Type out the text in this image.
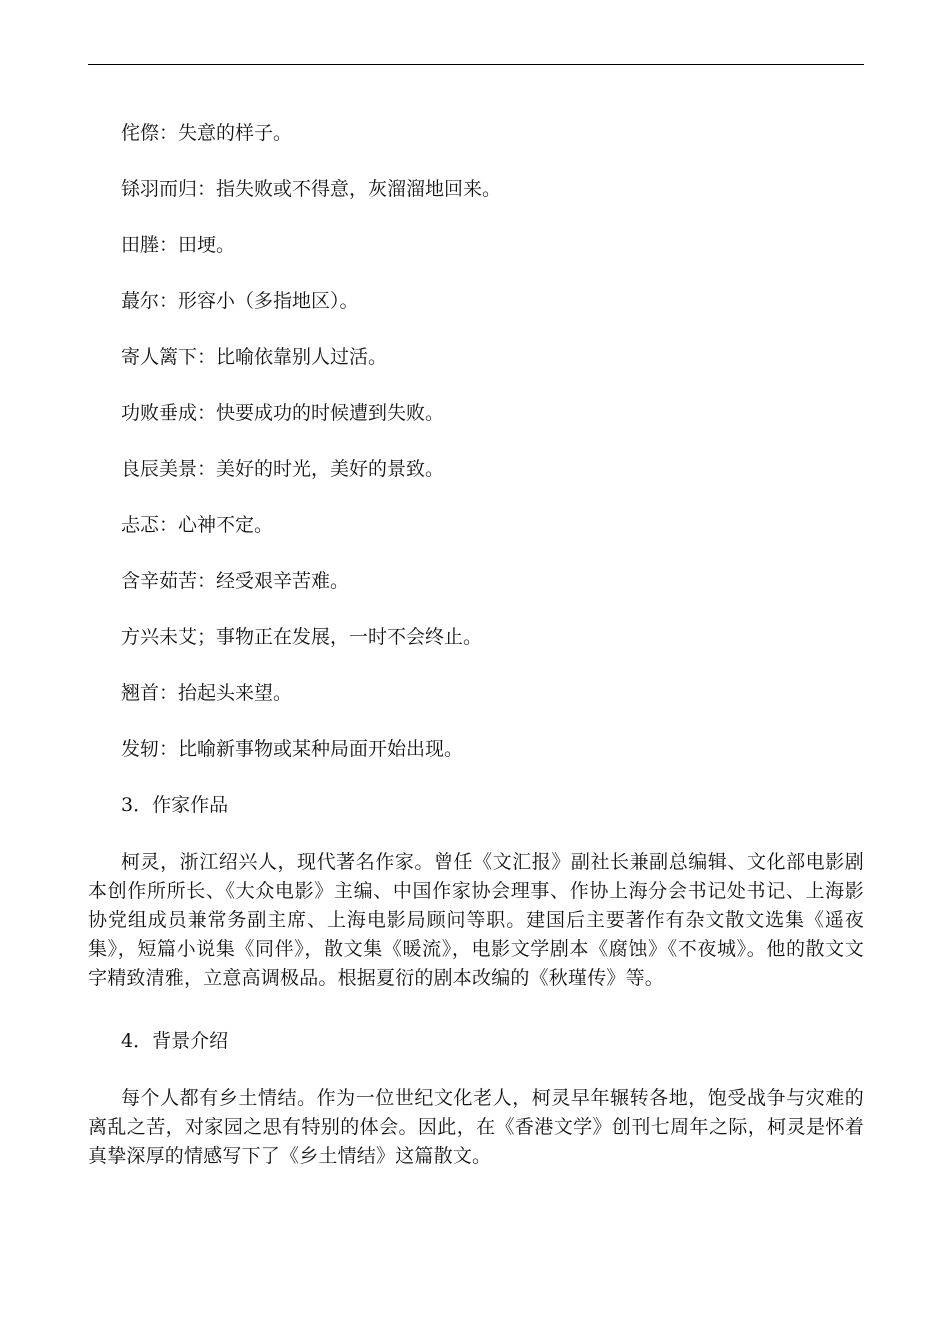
侘傺：失意的样子。

铩羽而归：指失败或不得意，灰溜溜地回来。

田塍：田埂。

蕞尔：形容小（多指地区）。

寄人篱下：比喻依靠别人过活。

功败垂成：快要成功的时候遭到失败。

良辰美景：美好的时光，美好的景致。

忐忑：心神不定。

含辛茹苦：经受艰辛苦难。

方兴未艾；事物正在发展，一时不会终止。

翘首：抬起头来望。

发轫：比喻新事物或某种局面开始出现。

3．作家作品

柯灵，浙江绍兴人，现代著名作家。曾任《文汇报》副社长兼副总编辑、文化部电影剧本创作所所长、《大众电影》主编、中国作家协会理事、作协上海分会书记处书记、上海影协党组成员兼常务副主席、上海电影局顾问等职。建国后主要著作有杂文散文选集《遥夜集》，短篇小说集《同伴》，散文集《暖流》，电影文学剧本《腐蚀》《不夜城》。他的散文文字精致清雅，立意高调极品。根据夏衍的剧本改编的《秋瑾传》等。

4．背景介绍

每个人都有乡土情结。作为一位世纪文化老人，柯灵早年辗转各地，饱受战争与灾难的离乱之苦，对家园之思有特别的体会。因此，在《香港文学》创刊七周年之际，柯灵是怀着真挚深厚的情感写下了《乡土情结》这篇散文。
